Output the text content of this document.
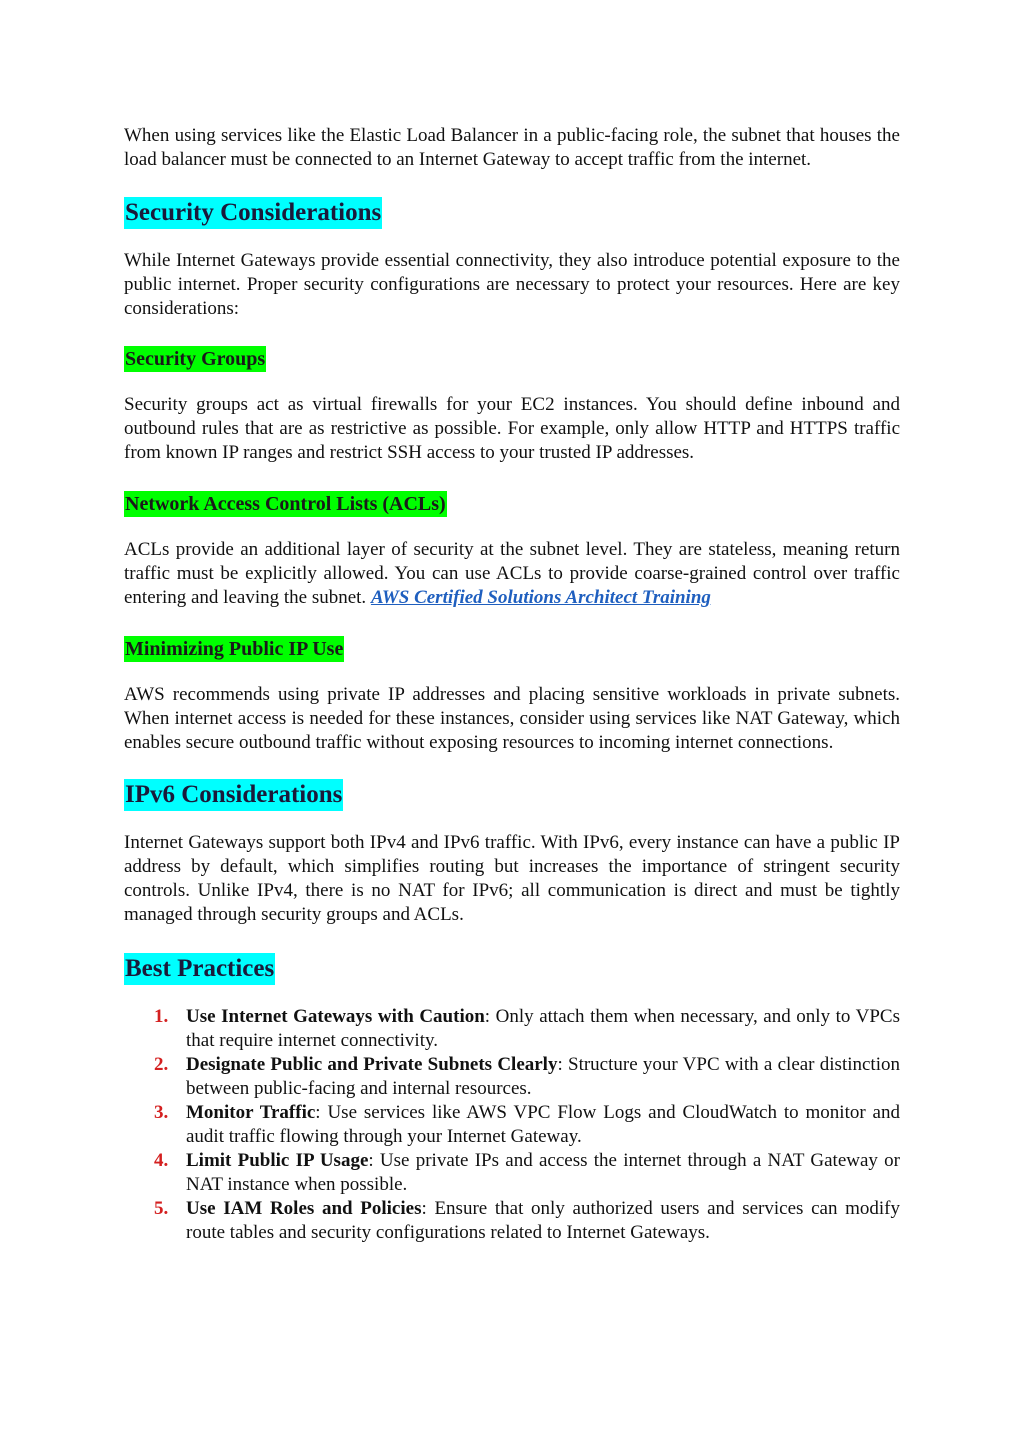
When using services like the Elastic Load Balancer in a public-facing role, the subnet that houses the load balancer must be connected to an Internet Gateway to accept traffic from the internet.

Security Considerations

While Internet Gateways provide essential connectivity, they also introduce potential exposure to the public internet. Proper security configurations are necessary to protect your resources. Here are key considerations:

Security Groups

Security groups act as virtual firewalls for your EC2 instances. You should define inbound and outbound rules that are as restrictive as possible. For example, only allow HTTP and HTTPS traffic from known IP ranges and restrict SSH access to your trusted IP addresses.

Network Access Control Lists (ACLs)

ACLs provide an additional layer of security at the subnet level. They are stateless, meaning return traffic must be explicitly allowed. You can use ACLs to provide coarse-grained control over traffic entering and leaving the subnet. AWS Certified Solutions Architect Training

Minimizing Public IP Use

AWS recommends using private IP addresses and placing sensitive workloads in private subnets. When internet access is needed for these instances, consider using services like NAT Gateway, which enables secure outbound traffic without exposing resources to incoming internet connections.

IPv6 Considerations

Internet Gateways support both IPv4 and IPv6 traffic. With IPv6, every instance can have a public IP address by default, which simplifies routing but increases the importance of stringent security controls. Unlike IPv4, there is no NAT for IPv6; all communication is direct and must be tightly managed through security groups and ACLs.

Best Practices
1. Use Internet Gateways with Caution: Only attach them when necessary, and only to VPCs that require internet connectivity.
2. Designate Public and Private Subnets Clearly: Structure your VPC with a clear distinction between public-facing and internal resources.
3. Monitor Traffic: Use services like AWS VPC Flow Logs and CloudWatch to monitor and audit traffic flowing through your Internet Gateway.
4. Limit Public IP Usage: Use private IPs and access the internet through a NAT Gateway or NAT instance when possible.
5. Use IAM Roles and Policies: Ensure that only authorized users and services can modify route tables and security configurations related to Internet Gateways.
